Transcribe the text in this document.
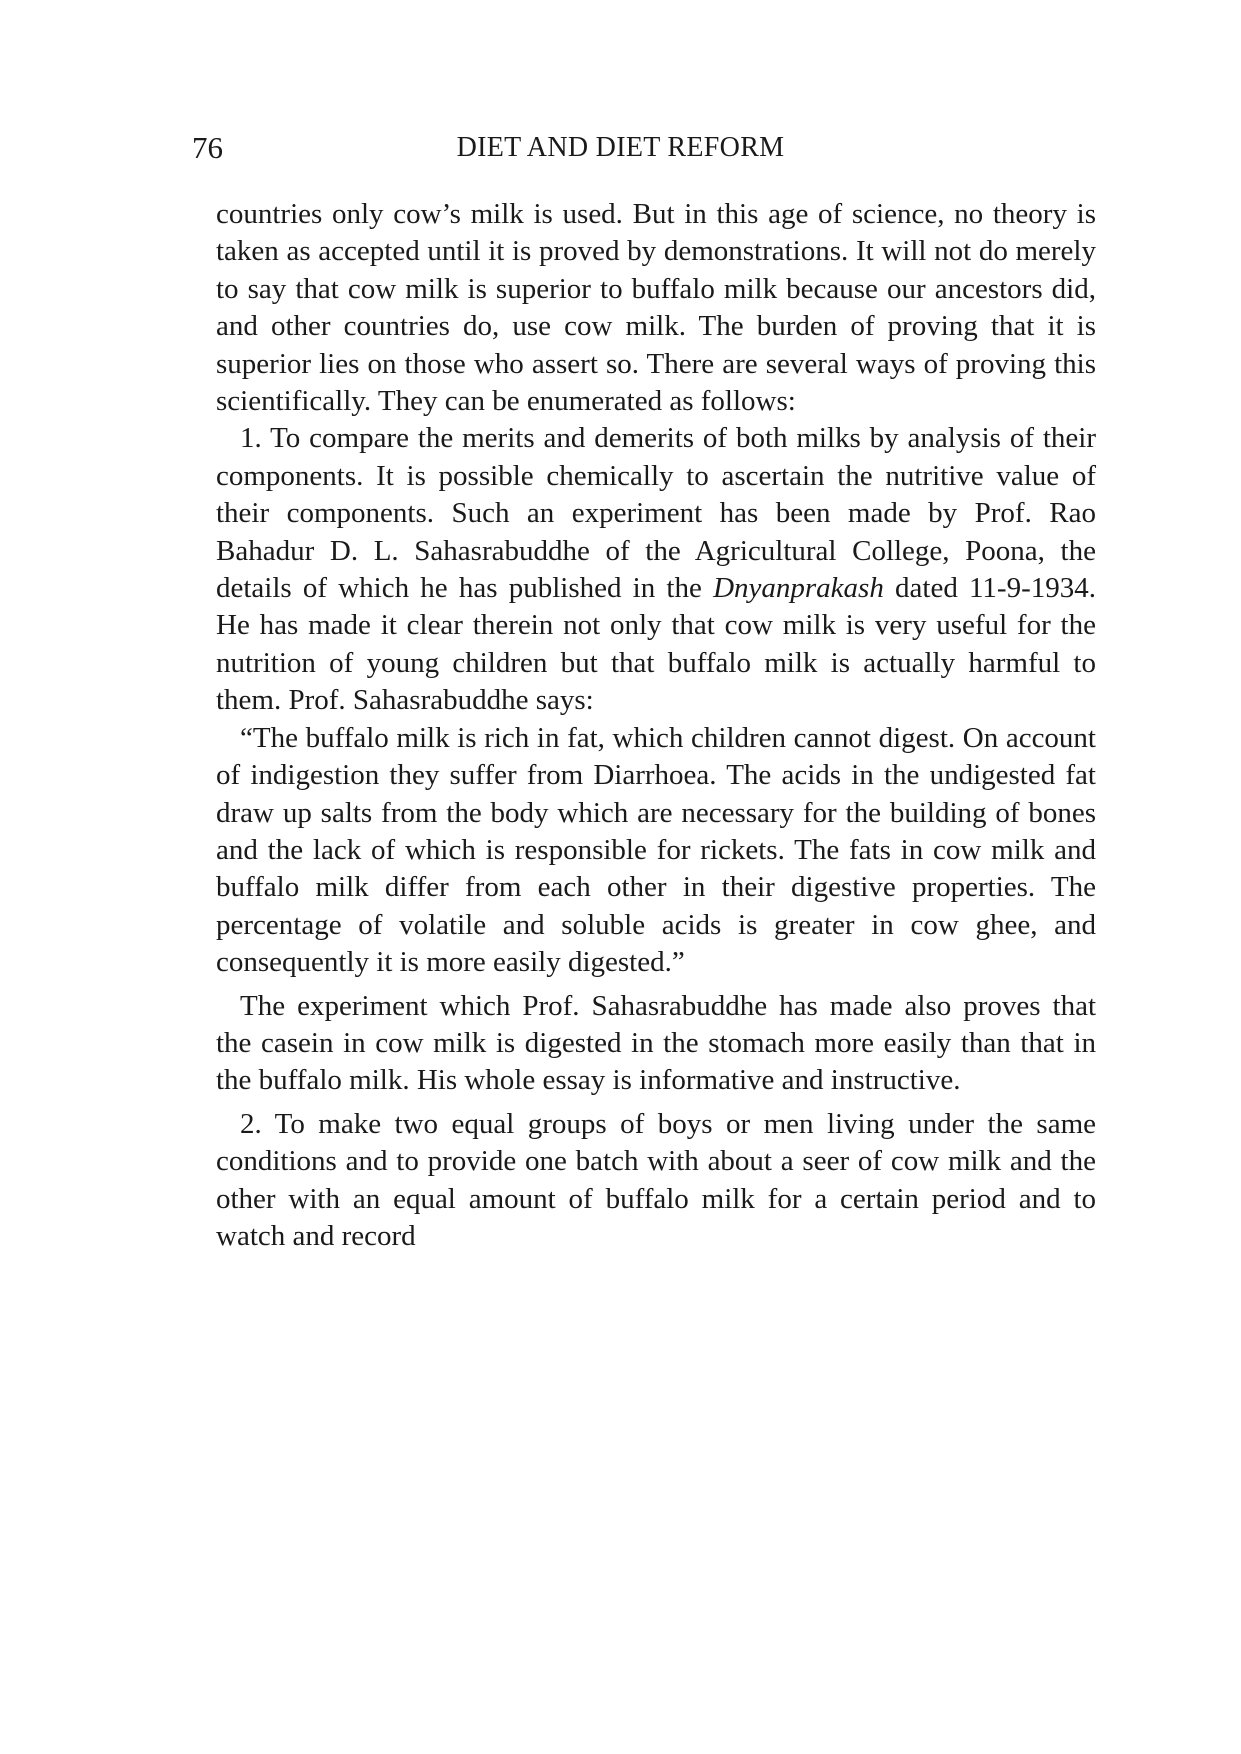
76	DIET AND DIET REFORM

countries only cow’s milk is used. But in this age of science, no theory is taken as accepted until it is proved by demonstrations. It will not do merely to say that cow milk is superior to buffalo milk because our ancestors did, and other countries do, use cow milk. The burden of proving that it is superior lies on those who assert so. There are several ways of proving this scientifically. They can be enumerated as follows:

1. To compare the merits and demerits of both milks by analysis of their components. It is possible chemically to ascertain the nutritive value of their components. Such an experiment has been made by Prof. Rao Bahadur D. L. Sahasrabuddhe of the Agricultural College, Poona, the details of which he has published in the Dnyanprakash dated 11-9-1934. He has made it clear therein not only that cow milk is very useful for the nutrition of young children but that buffalo milk is actually harmful to them. Prof. Sahasrabuddhe says:

“The buffalo milk is rich in fat, which children cannot digest. On account of indigestion they suffer from Diarrhoea. The acids in the undigested fat draw up salts from the body which are necessary for the building of bones and the lack of which is responsible for rickets. The fats in cow milk and buffalo milk differ from each other in their digestive properties. The percentage of volatile and soluble acids is greater in cow ghee, and consequently it is more easily digested.”

The experiment which Prof. Sahasrabuddhe has made also proves that the casein in cow milk is digested in the stomach more easily than that in the buffalo milk. His whole essay is informative and instructive.

2. To make two equal groups of boys or men living under the same conditions and to provide one batch with about a seer of cow milk and the other with an equal amount of buffalo milk for a certain period and to watch and record
